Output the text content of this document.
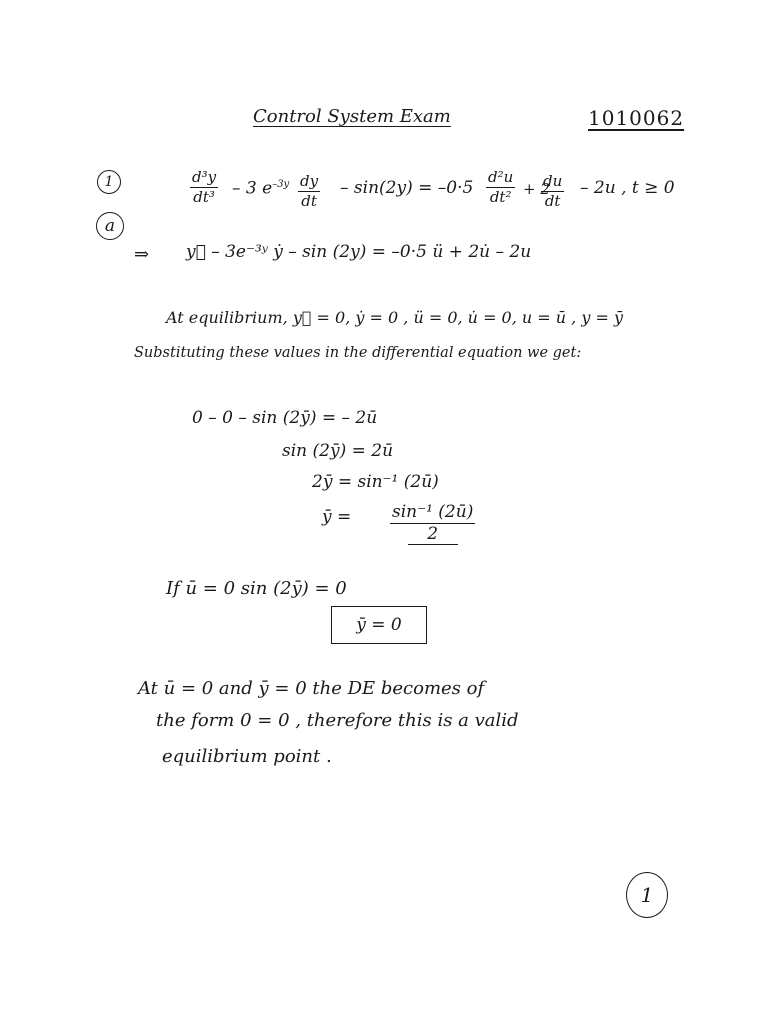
Control System Exam	1010062
1
a
$\frac{\text{d³y}}{\text{dt³}} - 3$ $e^{-3y} \frac{dy}{dt} - \sin(2y) = -0\cdot 5 \frac{\text{d²u}}{\text{dt²}} + 2$
$\frac{du}{dt} - 2u$ , t ≥ 0
⇒ y⃛ – 3e⁻³ʸ ẏ – sin (2y) = –0·5 ü + 2u̇ – 2u
At equilibrium, y⃛ = 0, ẏ = 0 , ü = 0, u̇ = 0, u = ū , y = ȳ
Substituting these values in the differential equation we get:
0 – 0 – sin (2ȳ) = – 2ū
sin (2ȳ) = 2ū
2ȳ = sin⁻¹ (2ū)
ȳ = $\frac{\text{sin⁻¹ (2ū)}}{2}$
If ū = 0 sin (2ȳ) = 0
ȳ = 0
At ū = 0 and ȳ = 0 the DE becomes of
the form 0 = 0 , therefore this is a valid
equilibrium point .
1
